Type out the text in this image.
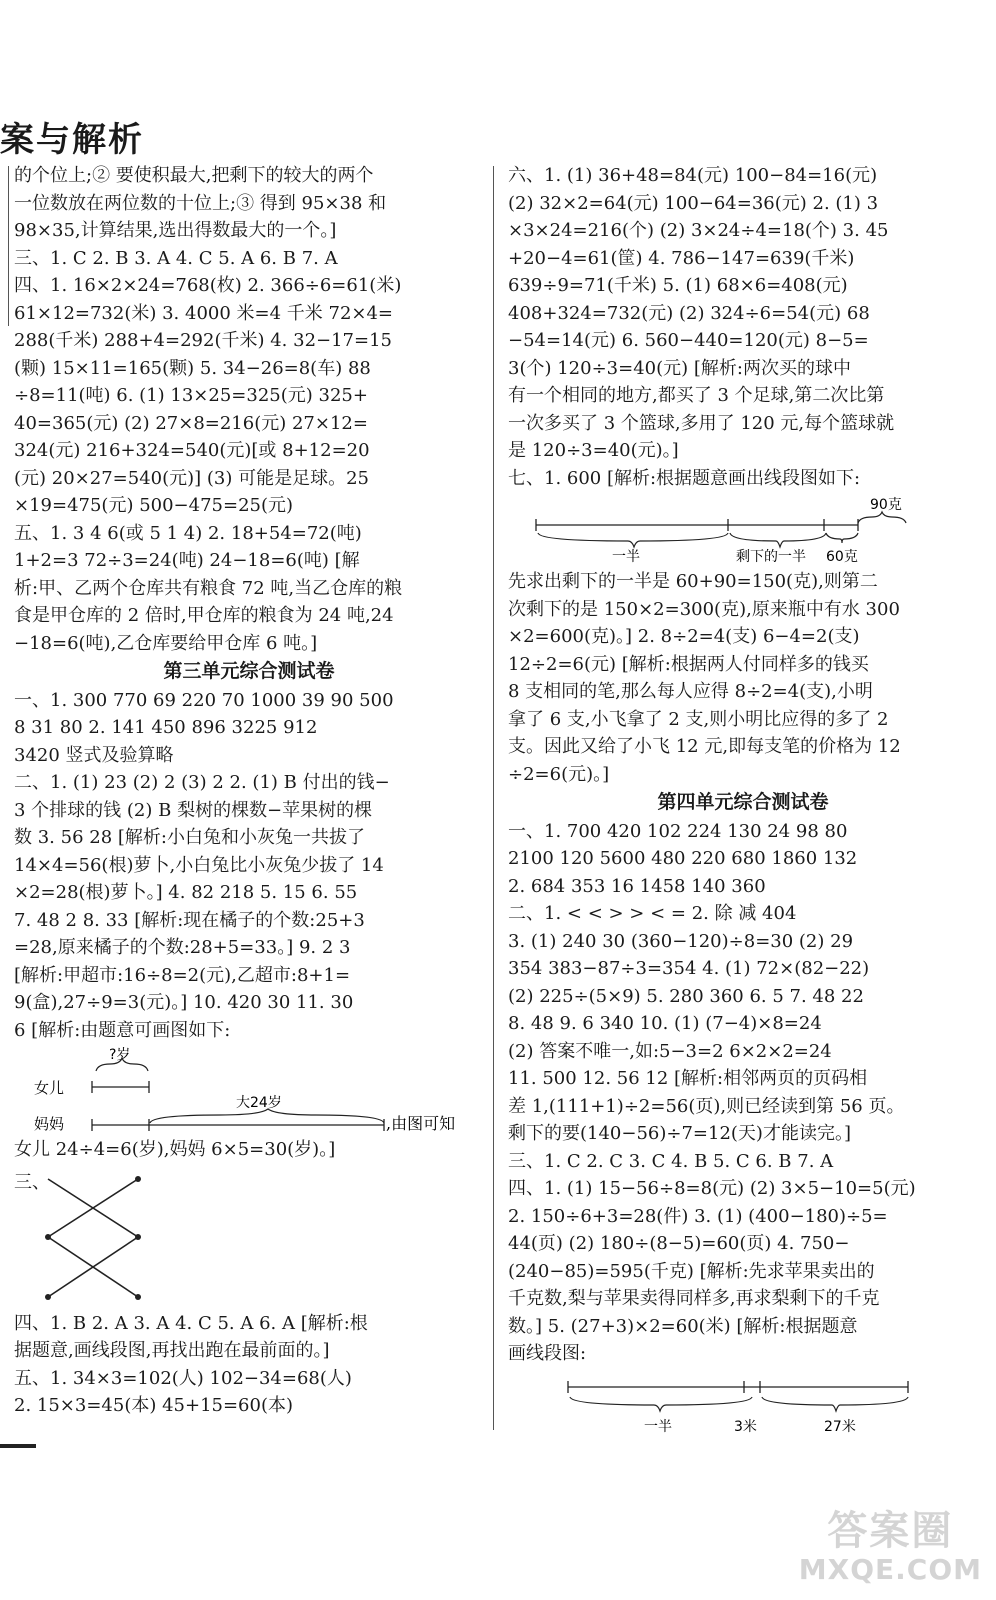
案与解析
的个位上;② 要使积最大,把剩下的较大的两个
一位数放在两位数的十位上;③ 得到 95×38 和
98×35,计算结果,选出得数最大的一个。]
三、1. C 2. B 3. A 4. C 5. A 6. B 7. A
四、1. 16×2×24=768(枚) 2. 366÷6=61(米)
61×12=732(米) 3. 4000 米=4 千米 72×4=
288(千米) 288+4=292(千米) 4. 32−17=15
(颗) 15×11=165(颗) 5. 34−26=8(车) 88
÷8=11(吨) 6. (1) 13×25=325(元) 325+
40=365(元) (2) 27×8=216(元) 27×12=
324(元) 216+324=540(元)[或 8+12=20
(元) 20×27=540(元)] (3) 可能是足球。25
×19=475(元) 500−475=25(元)
五、1. 3 4 6(或 5 1 4) 2. 18+54=72(吨)
1+2=3 72÷3=24(吨) 24−18=6(吨) [解
析:甲、乙两个仓库共有粮食 72 吨,当乙仓库的粮
食是甲仓库的 2 倍时,甲仓库的粮食为 24 吨,24
−18=6(吨),乙仓库要给甲仓库 6 吨。]
第三单元综合测试卷
一、1. 300 770 69 220 70 1000 39 90 500
8 31 80 2. 141 450 896 3225 912
3420 竖式及验算略
二、1. (1) 23 (2) 2 (3) 2 2. (1) B 付出的钱−
3 个排球的钱 (2) B 梨树的棵数−苹果树的棵
数 3. 56 28 [解析:小白兔和小灰兔一共拔了
14×4=56(根)萝卜,小白兔比小灰兔少拔了 14
×2=28(根)萝卜。] 4. 82 218 5. 15 6. 55
7. 48 2 8. 33 [解析:现在橘子的个数:25+3
=28,原来橘子的个数:28+5=33。] 9. 2 3
[解析:甲超市:16÷8=2(元),乙超市:8+1=
9(盒),27÷9=3(元)。] 10. 420 30 11. 30
6 [解析:由题意可画图如下:
?岁
女儿
大24岁
妈妈	,由图可知
女儿 24÷4=6(岁),妈妈 6×5=30(岁)。]
三、
四、1. B 2. A 3. A 4. C 5. A 6. A [解析:根
据题意,画线段图,再找出跑在最前面的。]
五、1. 34×3=102(人) 102−34=68(人)
2. 15×3=45(本) 45+15=60(本)
六、1. (1) 36+48=84(元) 100−84=16(元)
(2) 32×2=64(元) 100−64=36(元) 2. (1) 3
×3×24=216(个) (2) 3×24÷4=18(个) 3. 45
+20−4=61(筐) 4. 786−147=639(千米)
639÷9=71(千米) 5. (1) 68×6=408(元)
408+324=732(元) (2) 324÷6=54(元) 68
−54=14(元) 6. 560−440=120(元) 8−5=
3(个) 120÷3=40(元) [解析:两次买的球中
有一个相同的地方,都买了 3 个足球,第二次比第
一次多买了 3 个篮球,多用了 120 元,每个篮球就
是 120÷3=40(元)。]
七、1. 600 [解析:根据题意画出线段图如下:
90克
一半	剩下的一半 60克
先求出剩下的一半是 60+90=150(克),则第二
次剩下的是 150×2=300(克),原来瓶中有水 300
×2=600(克)。] 2. 8÷2=4(支) 6−4=2(支)
12÷2=6(元) [解析:根据两人付同样多的钱买
8 支相同的笔,那么每人应得 8÷2=4(支),小明
拿了 6 支,小飞拿了 2 支,则小明比应得的多了 2
支。因此又给了小飞 12 元,即每支笔的价格为 12
÷2=6(元)。]
第四单元综合测试卷
一、1. 700 420 102 224 130 24 98 80
2100 120 5600 480 220 680 1860 132
2. 684 353 16 1458 140 360
二、1. < < > > < = 2. 除 减 404
3. (1) 240 30 (360−120)÷8=30 (2) 29
354 383−87÷3=354 4. (1) 72×(82−22)
(2) 225÷(5×9) 5. 280 360 6. 5 7. 48 22
8. 48 9. 6 340 10. (1) (7−4)×8=24
(2) 答案不唯一,如:5−3=2 6×2×2=24
11. 500 12. 56 12 [解析:相邻两页的页码相
差 1,(111+1)÷2=56(页),则已经读到第 56 页。
剩下的要(140−56)÷7=12(天)才能读完。]
三、1. C 2. C 3. C 4. B 5. C 6. B 7. A
四、1. (1) 15−56÷8=8(元) (2) 3×5−10=5(元)
2. 150÷6+3=28(件) 3. (1) (400−180)÷5=
44(页) (2) 180÷(8−5)=60(页) 4. 750−
(240−85)=595(千克) [解析:先求苹果卖出的
千克数,梨与苹果卖得同样多,再求梨剩下的千克
数。] 5. (27+3)×2=60(米) [解析:根据题意
画线段图:
一半	3米	27米
答案圈
MXQE.COM
